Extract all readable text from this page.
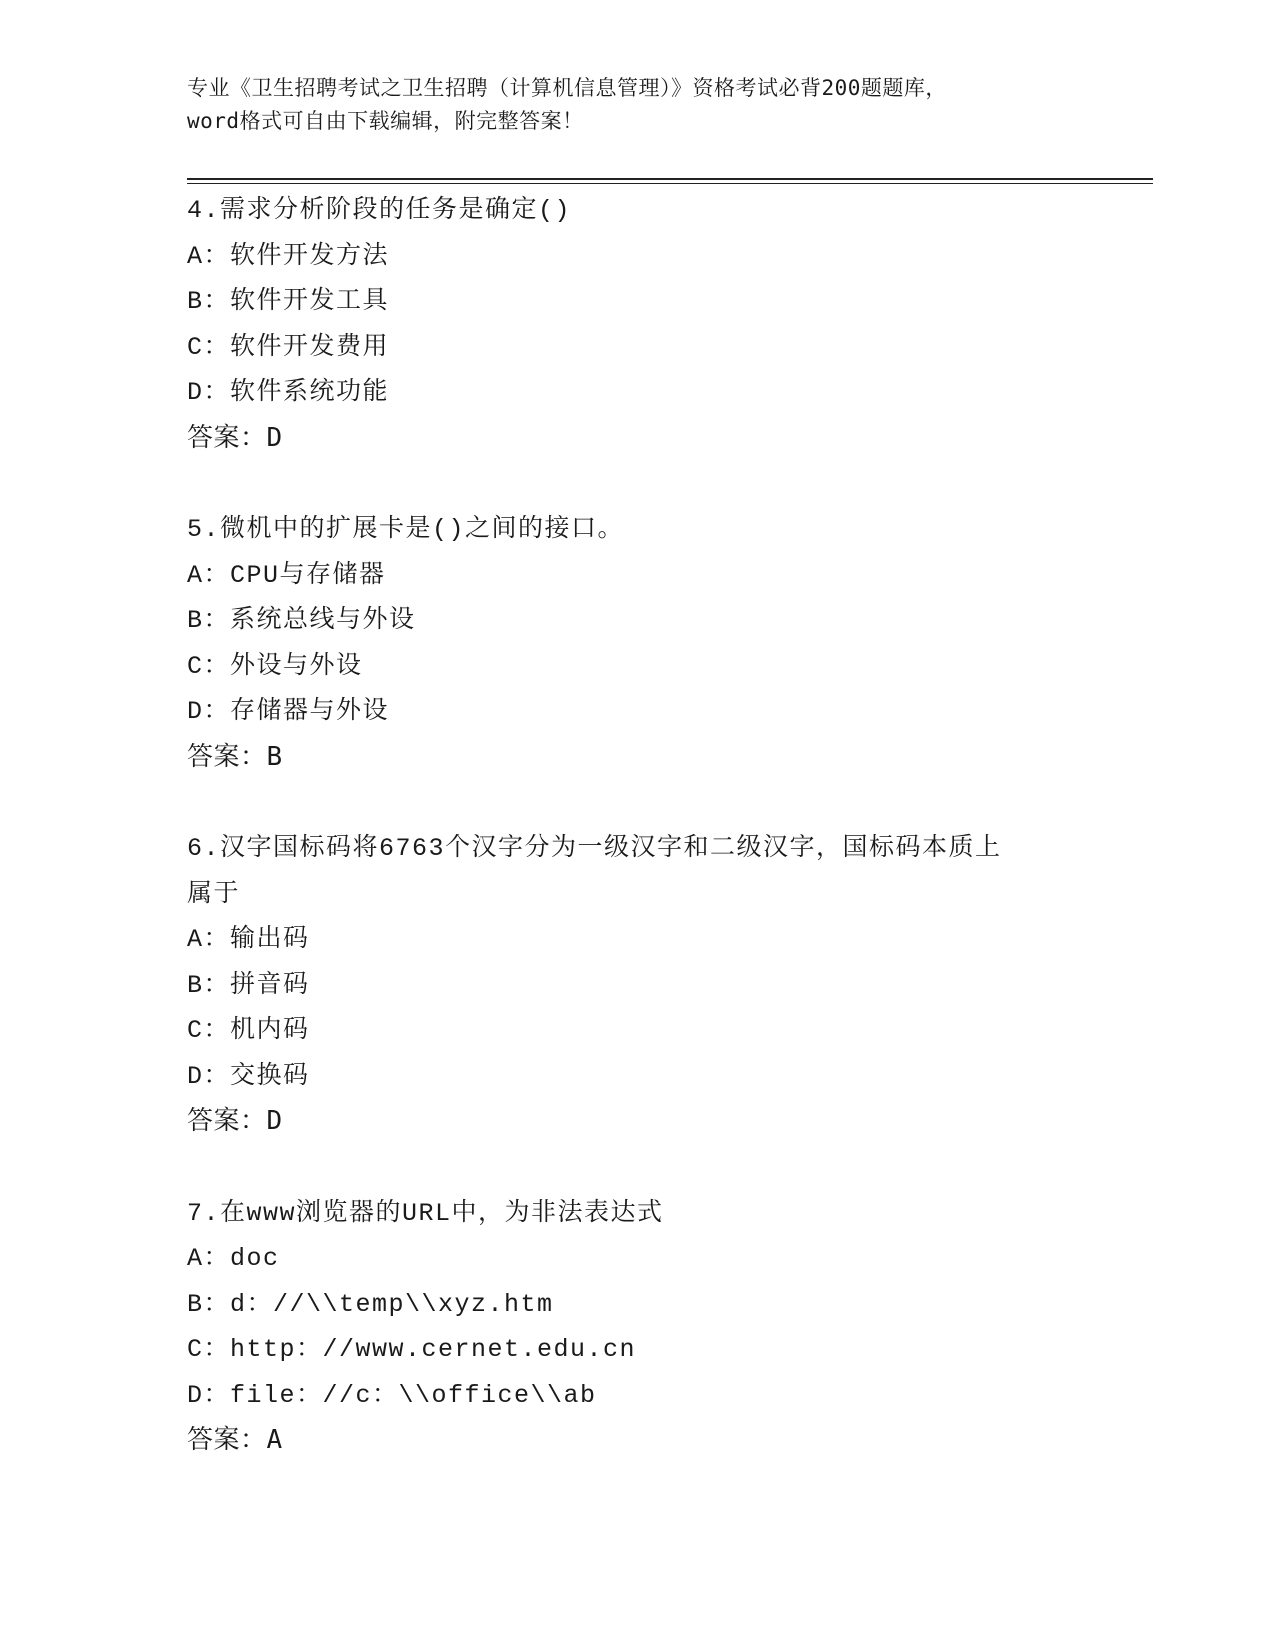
专业《卫生招聘考试之卫生招聘（计算机信息管理）》资格考试必背200题题库，
word格式可自由下载编辑，附完整答案！
4.需求分析阶段的任务是确定()
A：软件开发方法
B：软件开发工具
C：软件开发费用
D：软件系统功能
答案：D
5.微机中的扩展卡是()之间的接口。
A：CPU与存储器
B：系统总线与外设
C：外设与外设
D：存储器与外设
答案：B
6.汉字国标码将6763个汉字分为一级汉字和二级汉字，国标码本质上
属于
A：输出码
B：拼音码
C：机内码
D：交换码
答案：D
7.在www浏览器的URL中，为非法表达式
A：doc
B：d：//\\temp\\xyz.htm
C：http：//www.cernet.edu.cn
D：file：//c：\\office\\ab
答案：A
